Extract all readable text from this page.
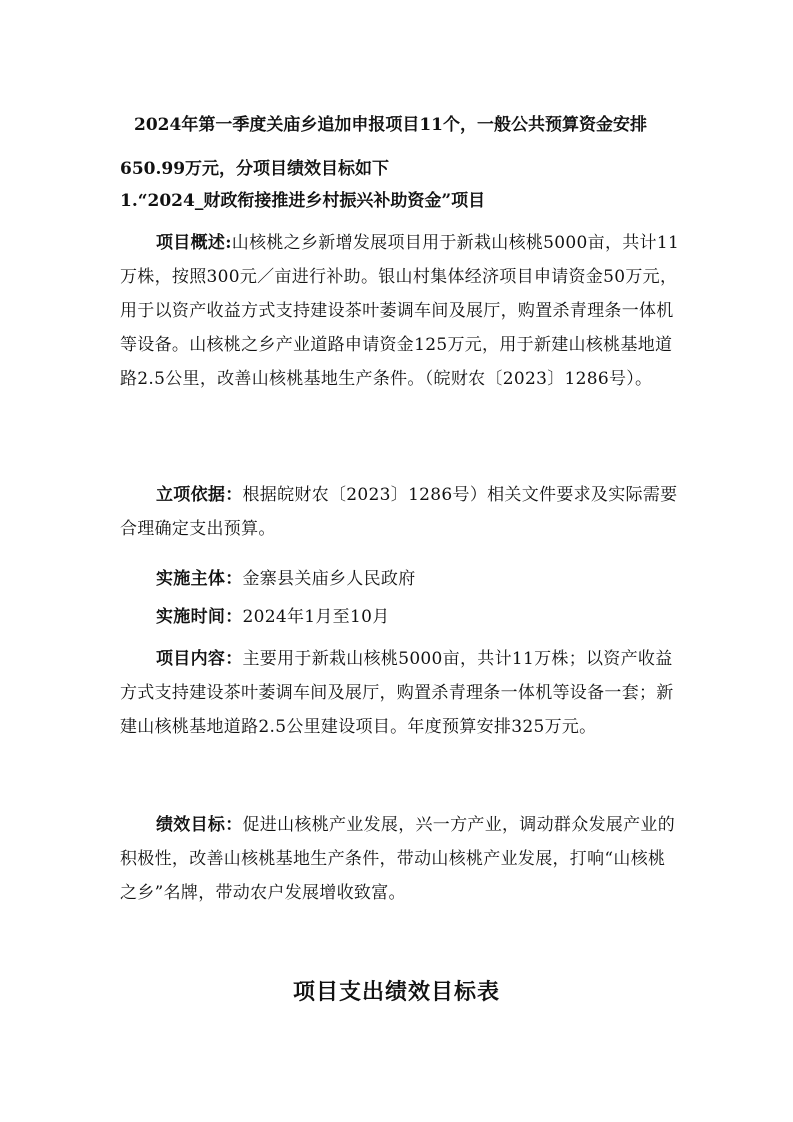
2024年第一季度关庙乡追加申报项目11个，一般公共预算资金安排650.99万元，分项目绩效目标如下

1.“2024_财政衔接推进乡村振兴补助资金”项目

项目概述:山核桃之乡新增发展项目用于新栽山核桃5000亩，共计11万株，按照300元／亩进行补助。银山村集体经济项目申请资金50万元，用于以资产收益方式支持建设茶叶萎调车间及展厅，购置杀青理条一体机等设备。山核桃之乡产业道路申请资金125万元，用于新建山核桃基地道路2.5公里，改善山核桃基地生产条件。（皖财农〔2023〕1286号）。

立项依据：根据皖财农〔2023〕1286号）相关文件要求及实际需要合理确定支出预算。

实施主体：金寨县关庙乡人民政府

实施时间：2024年1月至10月

项目内容：主要用于新栽山核桃5000亩，共计11万株；以资产收益方式支持建设茶叶萎调车间及展厅，购置杀青理条一体机等设备一套；新建山核桃基地道路2.5公里建设项目。年度预算安排325万元。

绩效目标：促进山核桃产业发展，兴一方产业，调动群众发展产业的积极性，改善山核桃基地生产条件，带动山核桃产业发展，打响“山核桃之乡”名牌，带动农户发展增收致富。

项目支出绩效目标表
